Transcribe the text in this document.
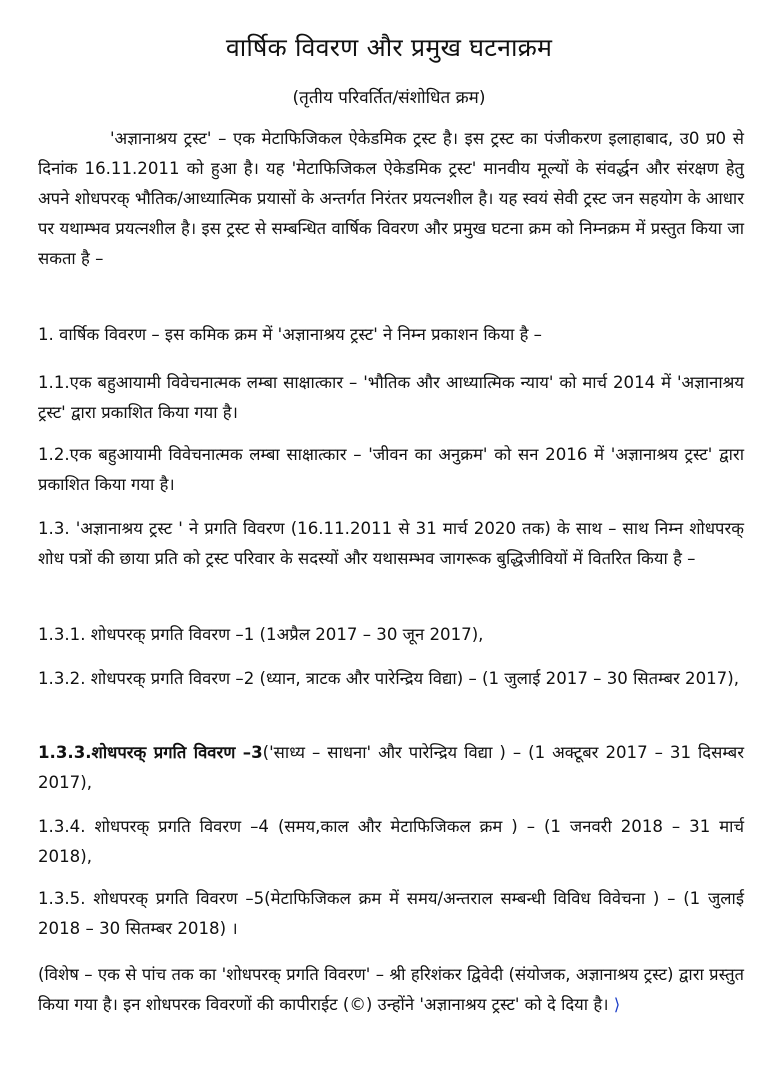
वार्षिक विवरण और प्रमुख घटनाक्रम
(तृतीय परिवर्तित/संशोधित क्रम)
'अज्ञानाश्रय ट्रस्ट' – एक मेटाफिजिकल ऐकेडमिक ट्रस्ट है। इस ट्रस्ट का पंजीकरण इलाहाबाद, उ0 प्र0 से दिनांक 16.11.2011 को हुआ है। यह 'मेटाफिजिकल ऐकेडमिक ट्रस्ट' मानवीय मूल्यों के संवर्द्धन और संरक्षण हेतु अपने शोधपरक् भौतिक/आध्यात्मिक प्रयासों के अन्तर्गत निरंतर प्रयत्नशील है। यह स्वयं सेवी ट्रस्ट जन सहयोग के आधार पर यथाम्भव प्रयत्नशील है। इस ट्रस्ट से सम्बन्धित वार्षिक विवरण और प्रमुख घटना क्रम को निम्नक्रम में प्रस्तुत किया जा सकता है –
1. वार्षिक विवरण – इस कमिक क्रम में 'अज्ञानाश्रय ट्रस्ट' ने निम्न प्रकाशन किया है –
1.1.एक बहुआयामी विवेचनात्मक लम्बा साक्षात्कार – 'भौतिक और आध्यात्मिक न्याय' को मार्च 2014 में 'अज्ञानाश्रय ट्रस्ट' द्वारा प्रकाशित किया गया है।
1.2.एक बहुआयामी विवेचनात्मक लम्बा साक्षात्कार – 'जीवन का अनुक्रम' को सन 2016 में 'अज्ञानाश्रय ट्रस्ट' द्वारा प्रकाशित किया गया है।
1.3. 'अज्ञानाश्रय ट्रस्ट ' ने प्रगति विवरण (16.11.2011 से 31 मार्च 2020 तक) के साथ – साथ निम्न शोधपरक् शोध पत्रों की छाया प्रति को ट्रस्ट परिवार के सदस्यों और यथासम्भव जागरूक बुद्धिजीवियों में वितरित किया है –
1.3.1. शोधपरक् प्रगति विवरण –1 (1अप्रैल 2017 – 30 जून 2017),
1.3.2. शोधपरक् प्रगति विवरण –2 (ध्यान, त्राटक और पारेन्द्रिय विद्या) – (1 जुलाई 2017 – 30 सितम्बर 2017),
1.3.3.शोधपरक् प्रगति विवरण –3('साध्य – साधना' और पारेन्द्रिय विद्या ) – (1 अक्टूबर 2017 – 31 दिसम्बर 2017),
1.3.4. शोधपरक् प्रगति विवरण –4 (समय,काल और मेटाफिजिकल क्रम ) – (1 जनवरी 2018 – 31 मार्च 2018),
1.3.5. शोधपरक् प्रगति विवरण –5(मेटाफिजिकल क्रम में समय/अन्तराल सम्बन्धी विविध विवेचना ) – (1 जुलाई 2018 – 30 सितम्बर 2018) ।
(विशेष – एक से पांच तक का 'शोधपरक् प्रगति विवरण' – श्री हरिशंकर द्विवेदी (संयोजक, अज्ञानाश्रय ट्रस्ट) द्वारा प्रस्तुत किया गया है। इन शोधपरक विवरणों की कापीराईट (©) उन्होंने 'अज्ञानाश्रय ट्रस्ट' को दे दिया है। ⟩
